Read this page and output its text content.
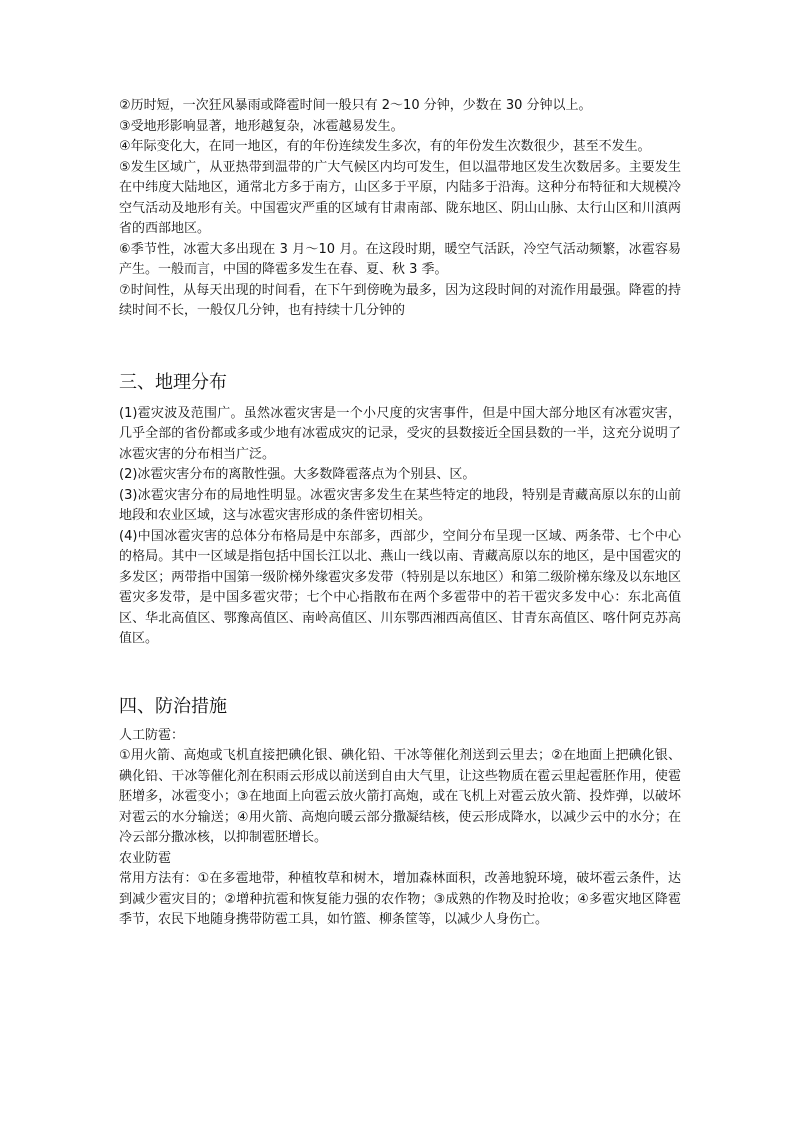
②历时短，一次狂风暴雨或降雹时间一般只有 2～10 分钟，少数在 30 分钟以上。

③受地形影响显著，地形越复杂，冰雹越易发生。

④年际变化大，在同一地区，有的年份连续发生多次，有的年份发生次数很少，甚至不发生。

⑤发生区域广，从亚热带到温带的广大气候区内均可发生，但以温带地区发生次数居多。主要发生在中纬度大陆地区，通常北方多于南方，山区多于平原，内陆多于沿海。这种分布特征和大规模冷空气活动及地形有关。中国雹灾严重的区域有甘肃南部、陇东地区、阴山山脉、太行山区和川滇两省的西部地区。

⑥季节性，冰雹大多出现在 3 月～10 月。在这段时期，暖空气活跃，冷空气活动频繁，冰雹容易产生。一般而言，中国的降雹多发生在春、夏、秋 3 季。

⑦时间性，从每天出现的时间看，在下午到傍晚为最多，因为这段时间的对流作用最强。降雹的持续时间不长，一般仅几分钟，也有持续十几分钟的

三、地理分布

(1)雹灾波及范围广。虽然冰雹灾害是一个小尺度的灾害事件，但是中国大部分地区有冰雹灾害，几乎全部的省份都或多或少地有冰雹成灾的记录，受灾的县数接近全国县数的一半，这充分说明了冰雹灾害的分布相当广泛。

(2)冰雹灾害分布的离散性强。大多数降雹落点为个别县、区。

(3)冰雹灾害分布的局地性明显。冰雹灾害多发生在某些特定的地段，特别是青藏高原以东的山前地段和农业区域，这与冰雹灾害形成的条件密切相关。

(4)中国冰雹灾害的总体分布格局是中东部多，西部少，空间分布呈现一区域、两条带、七个中心的格局。其中一区域是指包括中国长江以北、燕山一线以南、青藏高原以东的地区，是中国雹灾的多发区；两带指中国第一级阶梯外缘雹灾多发带（特别是以东地区）和第二级阶梯东缘及以东地区雹灾多发带，是中国多雹灾带；七个中心指散布在两个多雹带中的若干雹灾多发中心：东北高值区、华北高值区、鄂豫高值区、南岭高值区、川东鄂西湘西高值区、甘青东高值区、喀什阿克苏高值区。

四、防治措施

人工防雹：

①用火箭、高炮或飞机直接把碘化银、碘化铅、干冰等催化剂送到云里去；②在地面上把碘化银、碘化铅、干冰等催化剂在积雨云形成以前送到自由大气里，让这些物质在雹云里起雹胚作用，使雹胚增多，冰雹变小；③在地面上向雹云放火箭打高炮，或在飞机上对雹云放火箭、投炸弹，以破坏对雹云的水分输送；④用火箭、高炮向暖云部分撒凝结核，使云形成降水，以减少云中的水分；在冷云部分撒冰核，以抑制雹胚增长。

农业防雹

常用方法有：①在多雹地带，种植牧草和树木，增加森林面积，改善地貌环境，破坏雹云条件，达到减少雹灾目的；②增种抗雹和恢复能力强的农作物；③成熟的作物及时抢收；④多雹灾地区降雹季节，农民下地随身携带防雹工具，如竹篮、柳条筐等，以减少人身伤亡。
